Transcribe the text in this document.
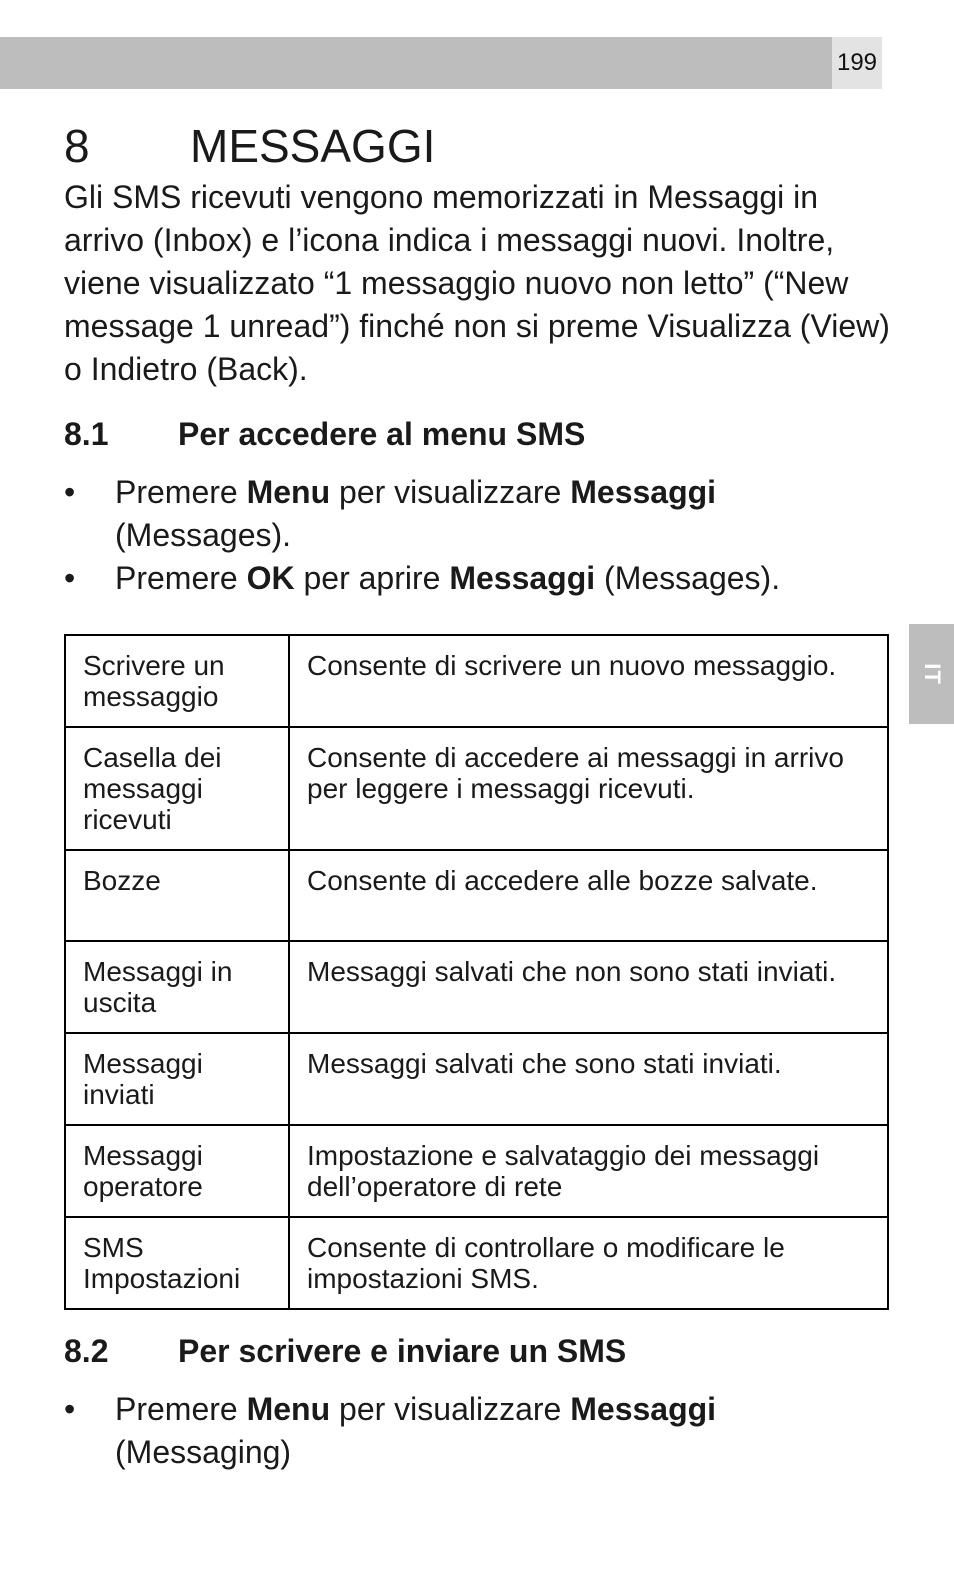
199
IT
8	MESSAGGI

Gli SMS ricevuti vengono memorizzati in Messaggi in arrivo (Inbox) e l’icona indica i messaggi nuovi. Inoltre, viene visualizzato “1 messaggio nuovo non letto” (“New message 1 unread”) finché non si preme Visualizza (View) o Indietro (Back).

8.1	Per accedere al menu SMS
• Premere Menu per visualizzare Messaggi (Messages).
• Premere OK per aprire Messaggi (Messages).
Scrivere un messaggio	Consente di scrivere un nuovo messaggio.
Casella dei messaggi ricevuti	Consente di accedere ai messaggi in arrivo per leggere i messaggi ricevuti.
Bozze	Consente di accedere alle bozze salvate.
Messaggi in uscita	Messaggi salvati che non sono stati inviati.
Messaggi inviati	Messaggi salvati che sono stati inviati.
Messaggi operatore	Impostazione e salvataggio dei messaggi dell’operatore di rete
SMS Impostazioni	Consente di controllare o modificare le impostazioni SMS.
8.2	Per scrivere e inviare un SMS
• Premere Menu per visualizzare Messaggi (Messaging)
